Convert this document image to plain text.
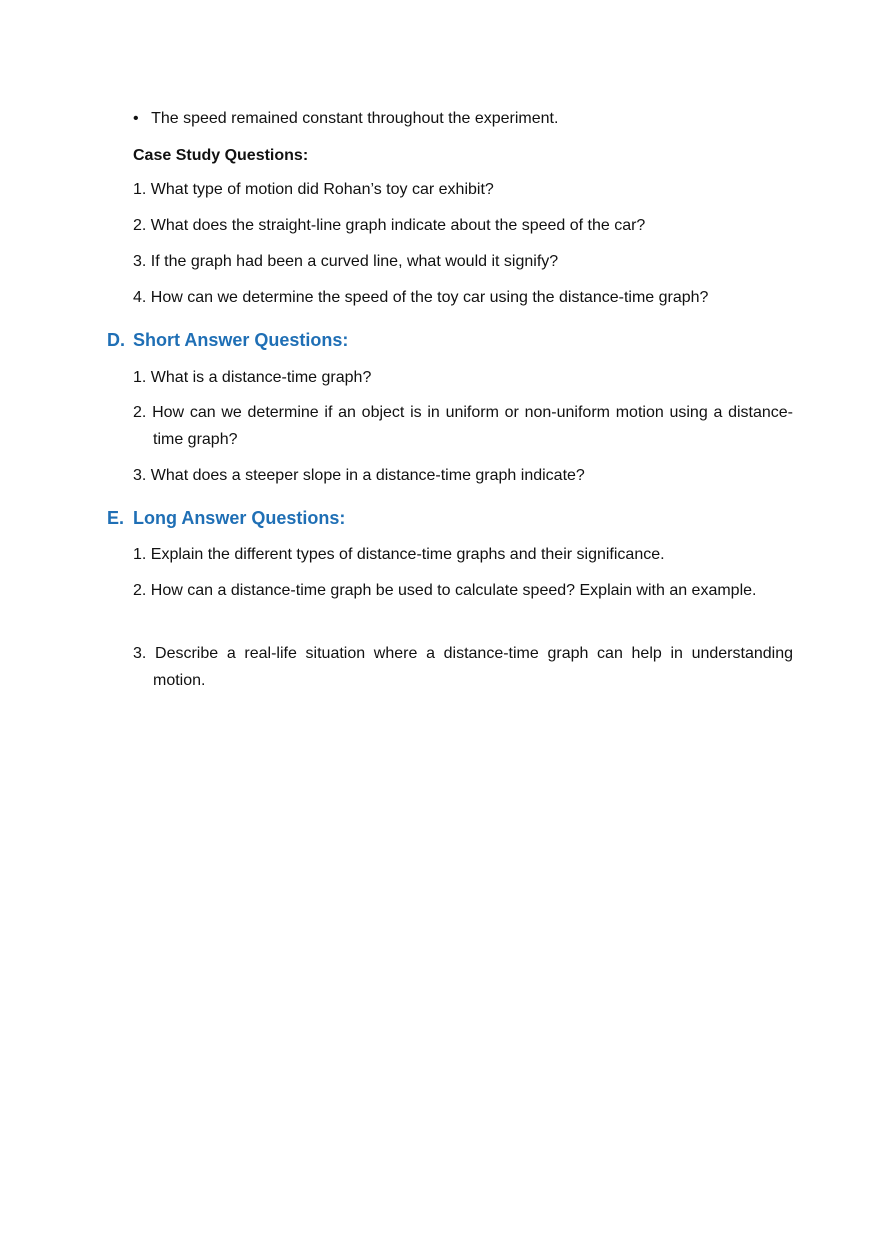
• The speed remained constant throughout the experiment.
Case Study Questions:
1. What type of motion did Rohan’s toy car exhibit?
2. What does the straight-line graph indicate about the speed of the car?
3. If the graph had been a curved line, what would it signify?
4. How can we determine the speed of the toy car using the distance-time graph?
D. Short Answer Questions:
1. What is a distance-time graph?
2. How can we determine if an object is in uniform or non-uniform motion using a distance-time graph?
3. What does a steeper slope in a distance-time graph indicate?
E. Long Answer Questions:
1. Explain the different types of distance-time graphs and their significance.
2. How can a distance-time graph be used to calculate speed? Explain with an example.
3. Describe a real-life situation where a distance-time graph can help in understanding motion.
